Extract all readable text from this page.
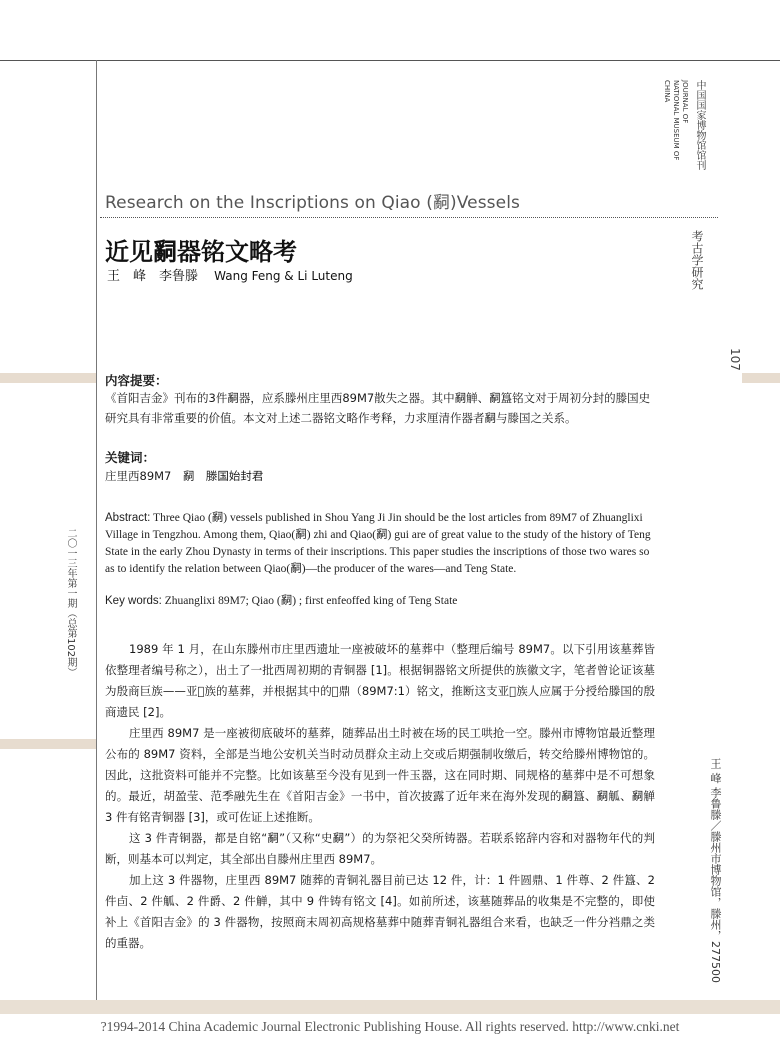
中国国家博物馆馆刊
JOURNAL OF
NATIONAL MUSEUM OF
CHINA
考古学研究
107
二〇一三年第一期（总第102期）
王 峰 李鲁滕／滕州市博物馆，滕州，277500
Research on the Inscriptions on Qiao (𤔲)Vessels
近见𤔲器铭文略考
王　峰　李鲁滕 Wang Feng & Li Luteng
内容提要：
《首阳吉金》刊布的3件𤔲器，应系滕州庄里西89M7散失之器。其中𤔲觯、𤔲簋铭文对于周初分封的滕国史研究具有非常重要的价值。本文对上述二器铭文略作考释，力求厘清作器者𤔲与滕国之关系。
关键词：
庄里西89M7　𤔲　滕国始封君
Abstract: Three Qiao (𤔲) vessels published in Shou Yang Ji Jin should be the lost articles from 89M7 of Zhuanglixi Village in Tengzhou. Among them, Qiao(𤔲) zhi and Qiao(𤔲) gui are of great value to the study of the history of Teng State in the early Zhou Dynasty in terms of their inscriptions. This paper studies the inscriptions of those two wares so as to identify the relation between Qiao(𤔲)—the producer of the wares—and Teng State.
Key words: Zhuanglixi 89M7; Qiao (𤔲) ; first enfeoffed king of Teng State

1989 年 1 月，在山东滕州市庄里西遗址一座被破坏的墓葬中（整理后编号 89M7。以下引用该墓葬皆依整理者编号称之），出土了一批西周初期的青铜器 [1]。根据铜器铭文所提供的族徽文字，笔者曾论证该墓为殷商巨族——亚𠤷族的墓葬，并根据其中的𤔲鼎（89M7:1）铭文，推断这支亚𠤷族人应属于分授给滕国的殷商遗民 [2]。

庄里西 89M7 是一座被彻底破坏的墓葬，随葬品出土时被在场的民工哄抢一空。滕州市博物馆最近整理公布的 89M7 资料，全部是当地公安机关当时动员群众主动上交或后期强制收缴后，转交给滕州博物馆的。因此，这批资料可能并不完整。比如该墓至今没有见到一件玉器，这在同时期、同规格的墓葬中是不可想象的。最近，胡盈莹、范季融先生在《首阳吉金》一书中，首次披露了近年来在海外发现的𤔲簋、𤔲觚、𤔲觯 3 件有铭青铜器 [3]，或可佐证上述推断。

这 3 件青铜器，都是自铭“𤔲”（又称“史𤔲”）的为祭祀父癸所铸器。若联系铭辞内容和对器物年代的判断，则基本可以判定，其全部出自滕州庄里西 89M7。

加上这 3 件器物，庄里西 89M7 随葬的青铜礼器目前已达 12 件，计：1 件圆鼎、1 件尊、2 件簋、2 件卣、2 件觚、2 件爵、2 件觯，其中 9 件铸有铭文 [4]。如前所述，该墓随葬品的收集是不完整的，即使补上《首阳吉金》的 3 件器物，按照商末周初高规格墓葬中随葬青铜礼器组合来看，也缺乏一件分裆鼎之类的重器。

?1994-2014 China Academic Journal Electronic Publishing House. All rights reserved. http://www.cnki.net
